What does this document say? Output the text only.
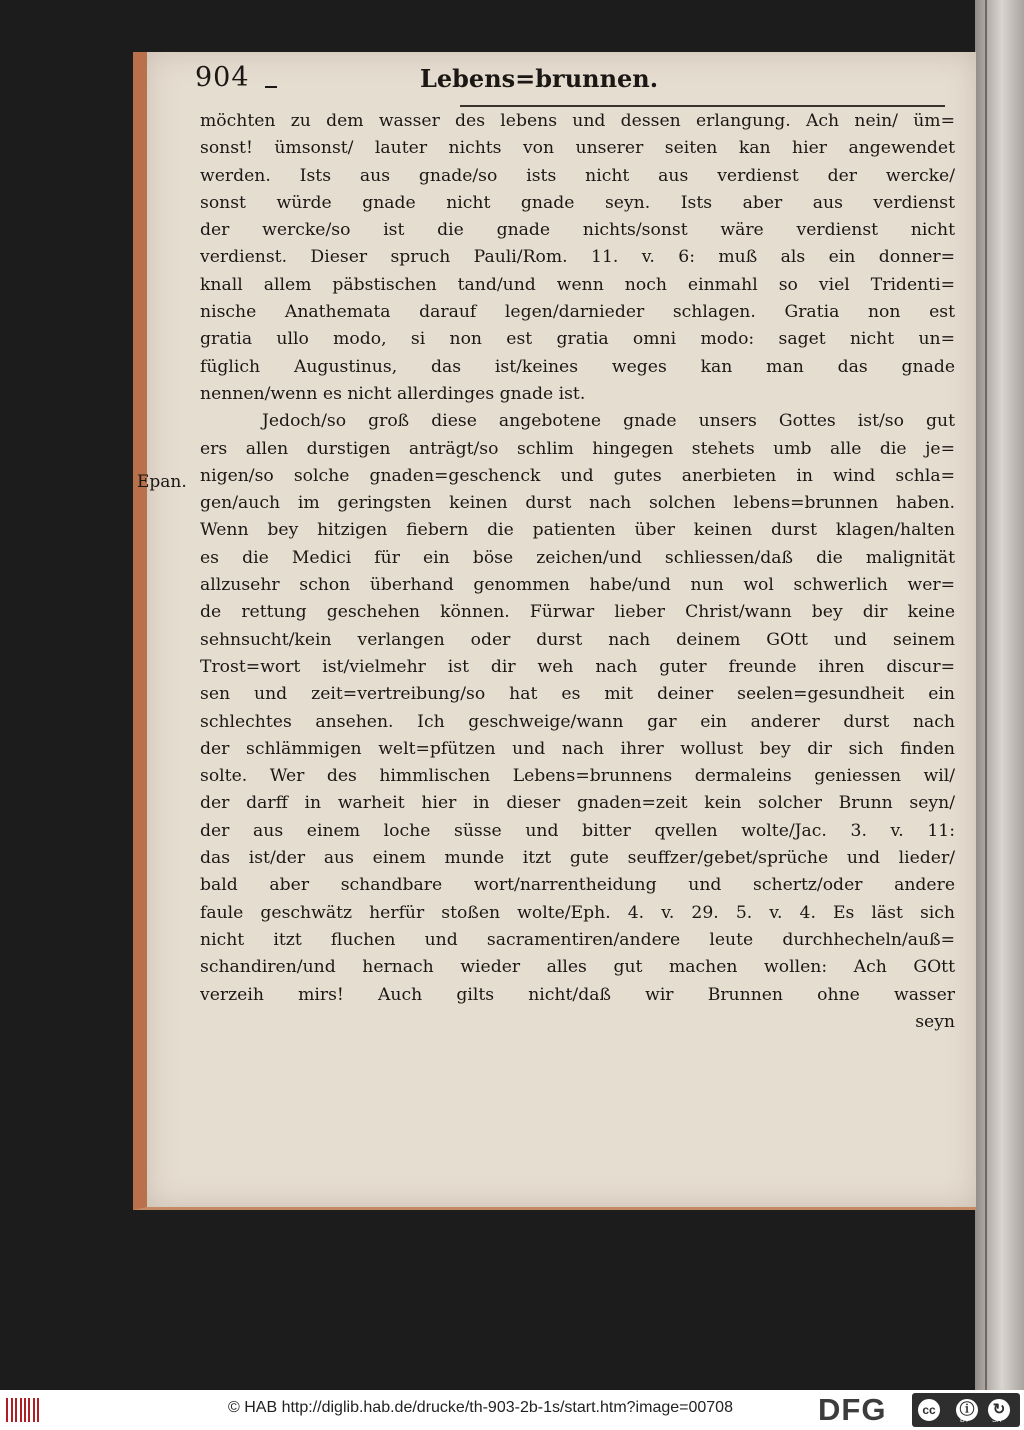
904	Lebens=brunnen.
Epan.
möchten zu dem wasser des lebens und dessen erlangung. Ach nein/ üm=
sonst! ümsonst/ lauter nichts von unserer seiten kan hier angewendet
werden. Ists aus gnade/so ists nicht aus verdienst der wercke/
sonst würde gnade nicht gnade seyn. Ists aber aus verdienst
der wercke/so ist die gnade nichts/sonst wäre verdienst nicht
verdienst. Dieser spruch Pauli/Rom. 11. v. 6: muß als ein donner=
knall allem päbstischen tand/und wenn noch einmahl so viel Tridenti=
nische Anathemata darauf legen/darnieder schlagen. Gratia non est
gratia ullo modo, si non est gratia omni modo: saget nicht un=
füglich Augustinus, das ist/keines weges kan man das gnade
nennen/wenn es nicht allerdinges gnade ist.
Jedoch/so groß diese angebotene gnade unsers Gottes ist/so gut
ers allen durstigen anträgt/so schlim hingegen stehets umb alle die je=
nigen/so solche gnaden=geschenck und gutes anerbieten in wind schla=
gen/auch im geringsten keinen durst nach solchen lebens=brunnen haben.
Wenn bey hitzigen fiebern die patienten über keinen durst klagen/halten
es die Medici für ein böse zeichen/und schliessen/daß die malignität
allzusehr schon überhand genommen habe/und nun wol schwerlich wer=
de rettung geschehen können. Fürwar lieber Christ/wann bey dir keine
sehnsucht/kein verlangen oder durst nach deinem GOtt und seinem
Trost=wort ist/vielmehr ist dir weh nach guter freunde ihren discur=
sen und zeit=vertreibung/so hat es mit deiner seelen=gesundheit ein
schlechtes ansehen. Ich geschweige/wann gar ein anderer durst nach
der schlämmigen welt=pfützen und nach ihrer wollust bey dir sich finden
solte. Wer des himmlischen Lebens=brunnens dermaleins geniessen wil/
der darff in warheit hier in dieser gnaden=zeit kein solcher Brunn seyn/
der aus einem loche süsse und bitter qvellen wolte/Jac. 3. v. 11:
das ist/der aus einem munde itzt gute seuffzer/gebet/sprüche und lieder/
bald aber schandbare wort/narrentheidung und schertz/oder andere
faule geschwätz herfür stoßen wolte/Eph. 4. v. 29. 5. v. 4. Es läst sich
nicht itzt fluchen und sacramentiren/andere leute durchhecheln/auß=
schandiren/und hernach wieder alles gut machen wollen: Ach GOtt
verzeih mirs! Auch gilts nicht/daß wir Brunnen ohne wasser
seyn
© HAB http://diglib.hab.de/drucke/th-903-2b-1s/start.htm?image=00708	DFG	cc	ⓘ	↻
BY	SA
